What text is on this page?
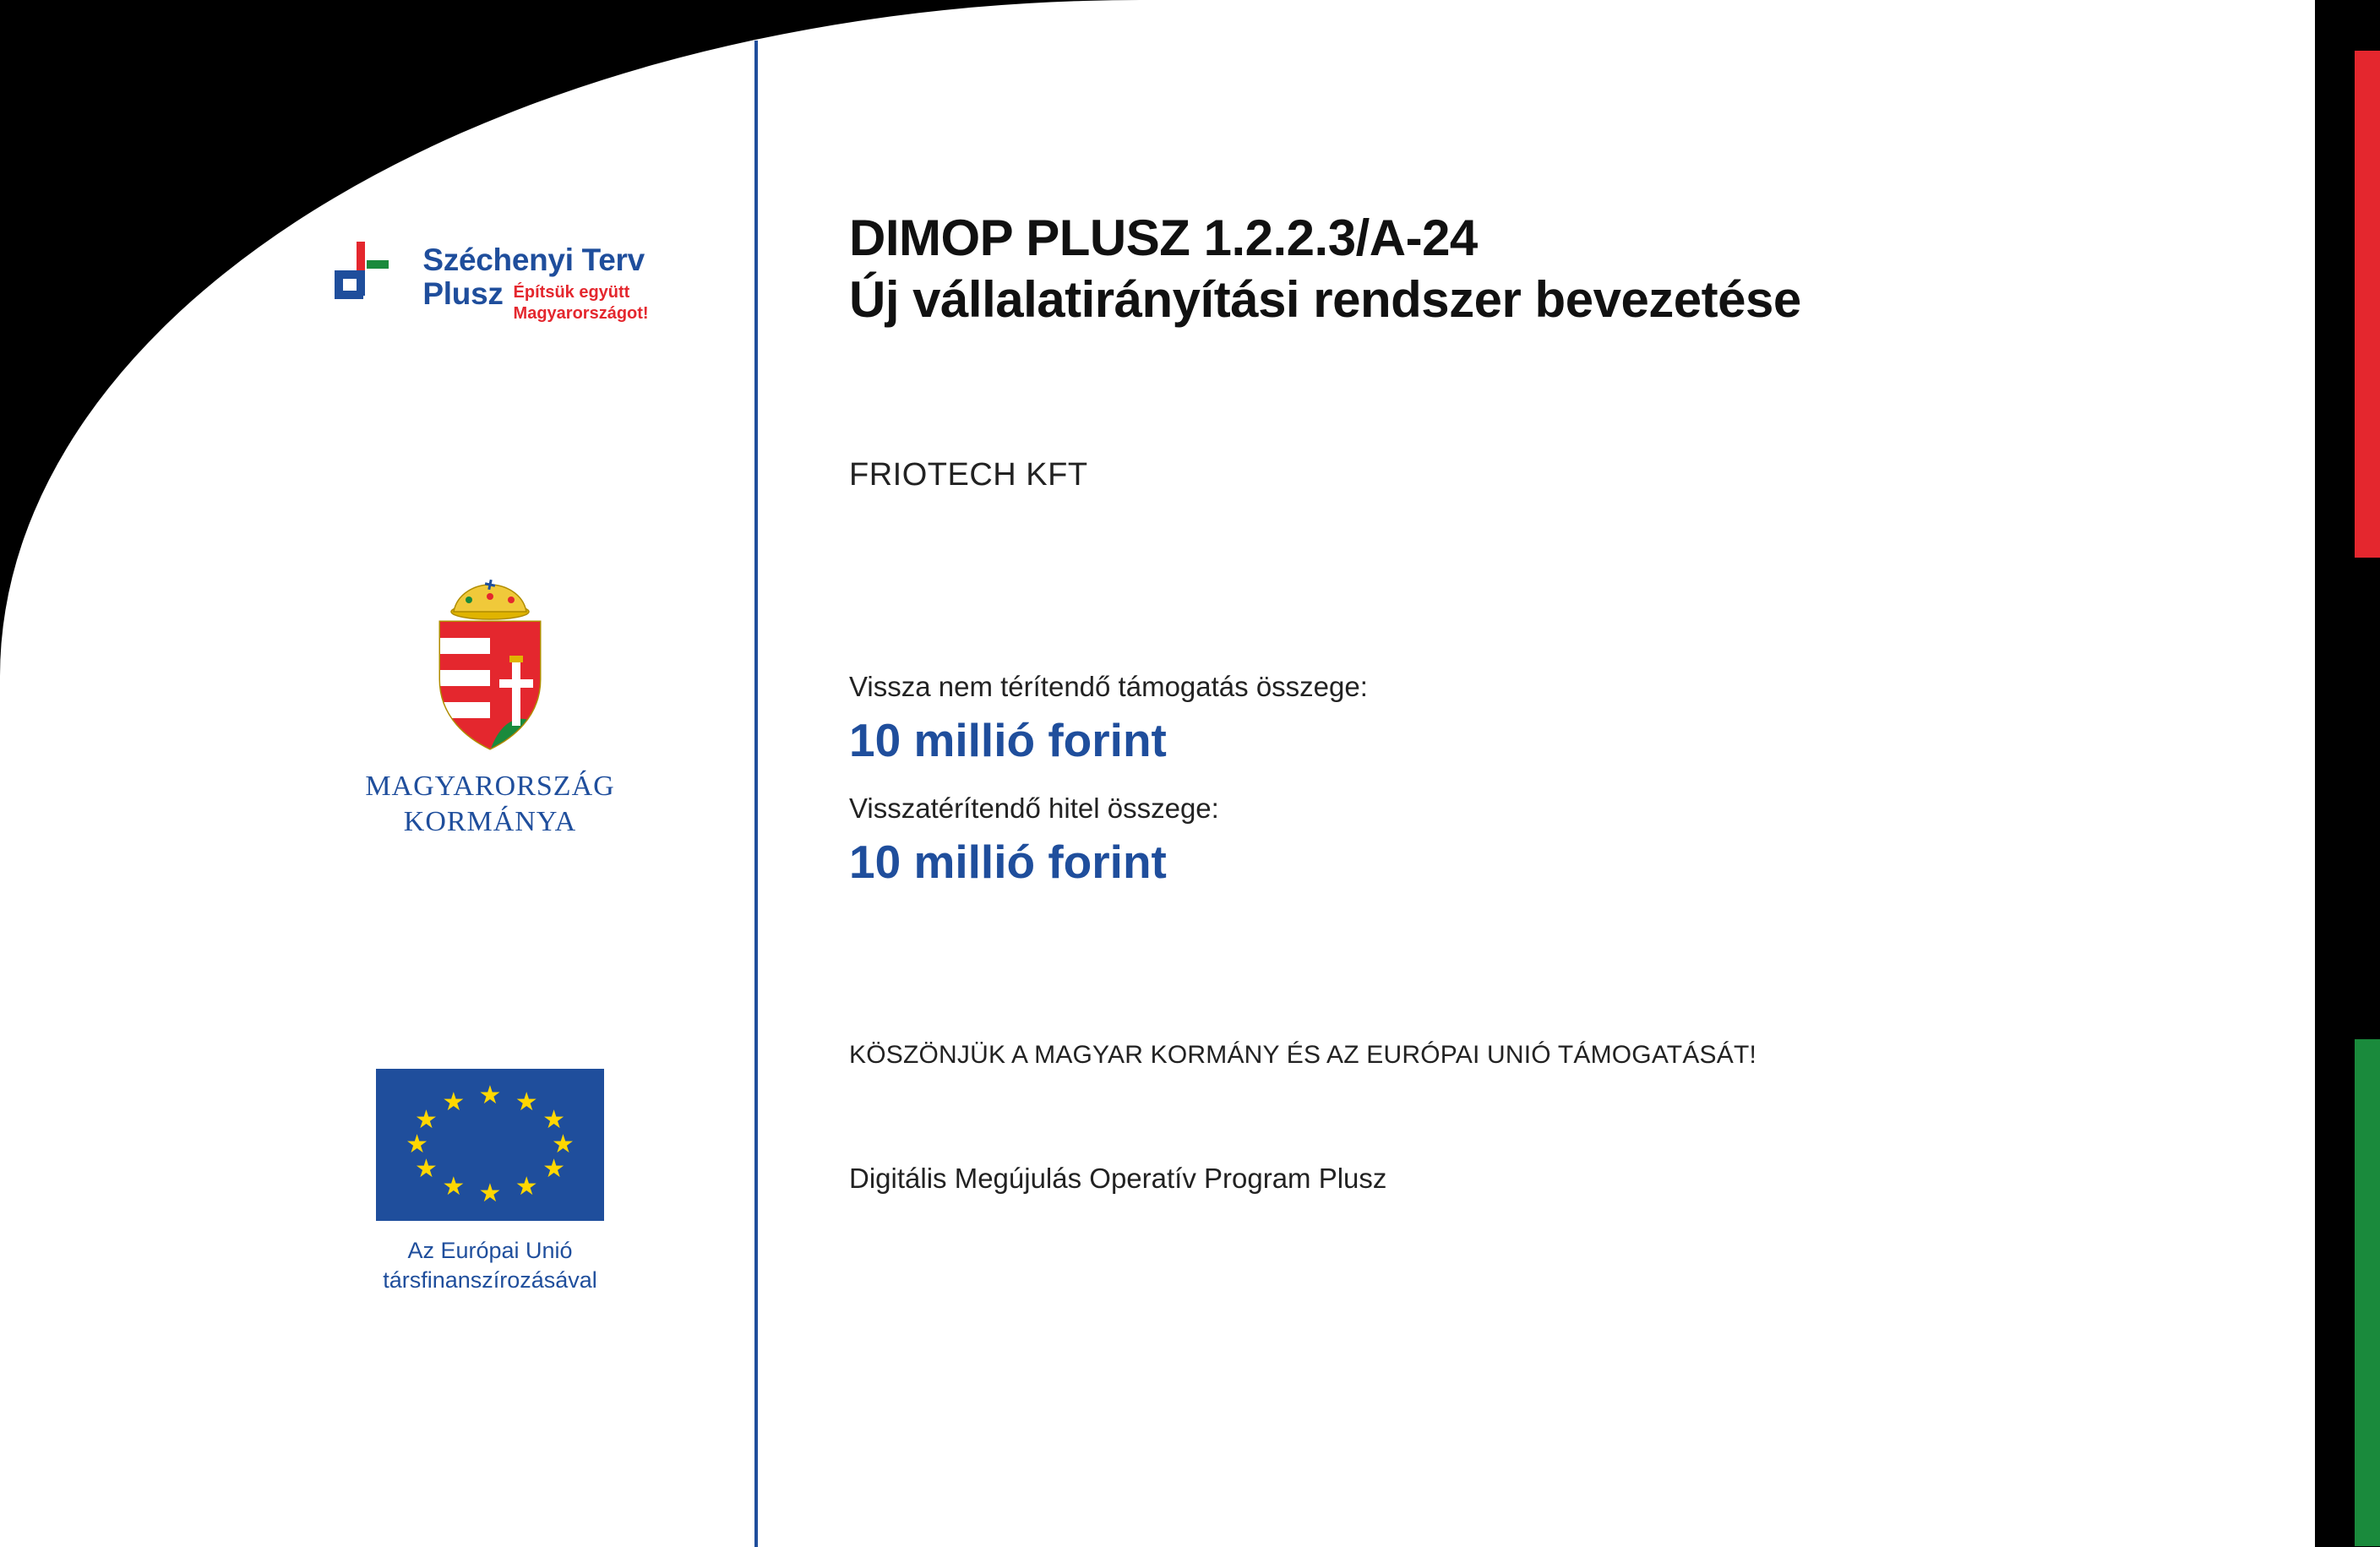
Széchenyi Terv
Plusz Építsük együtt
Magyarországot!
MAGYARORSZÁG
KORMÁNYA
★ ★
★
★
★
★
★
★
★
★
★
★
Az Európai Unió
társfinanszírozásával
DIMOP PLUSZ 1.2.2.3/A-24
Új vállalatirányítási rendszer bevezetése
FRIOTECH KFT
Vissza nem térítendő támogatás összege:
10 millió forint
Visszatérítendő hitel összege:
10 millió forint
KÖSZÖNJÜK A MAGYAR KORMÁNY ÉS AZ EURÓPAI UNIÓ TÁMOGATÁSÁT!
Digitális Megújulás Operatív Program Plusz
